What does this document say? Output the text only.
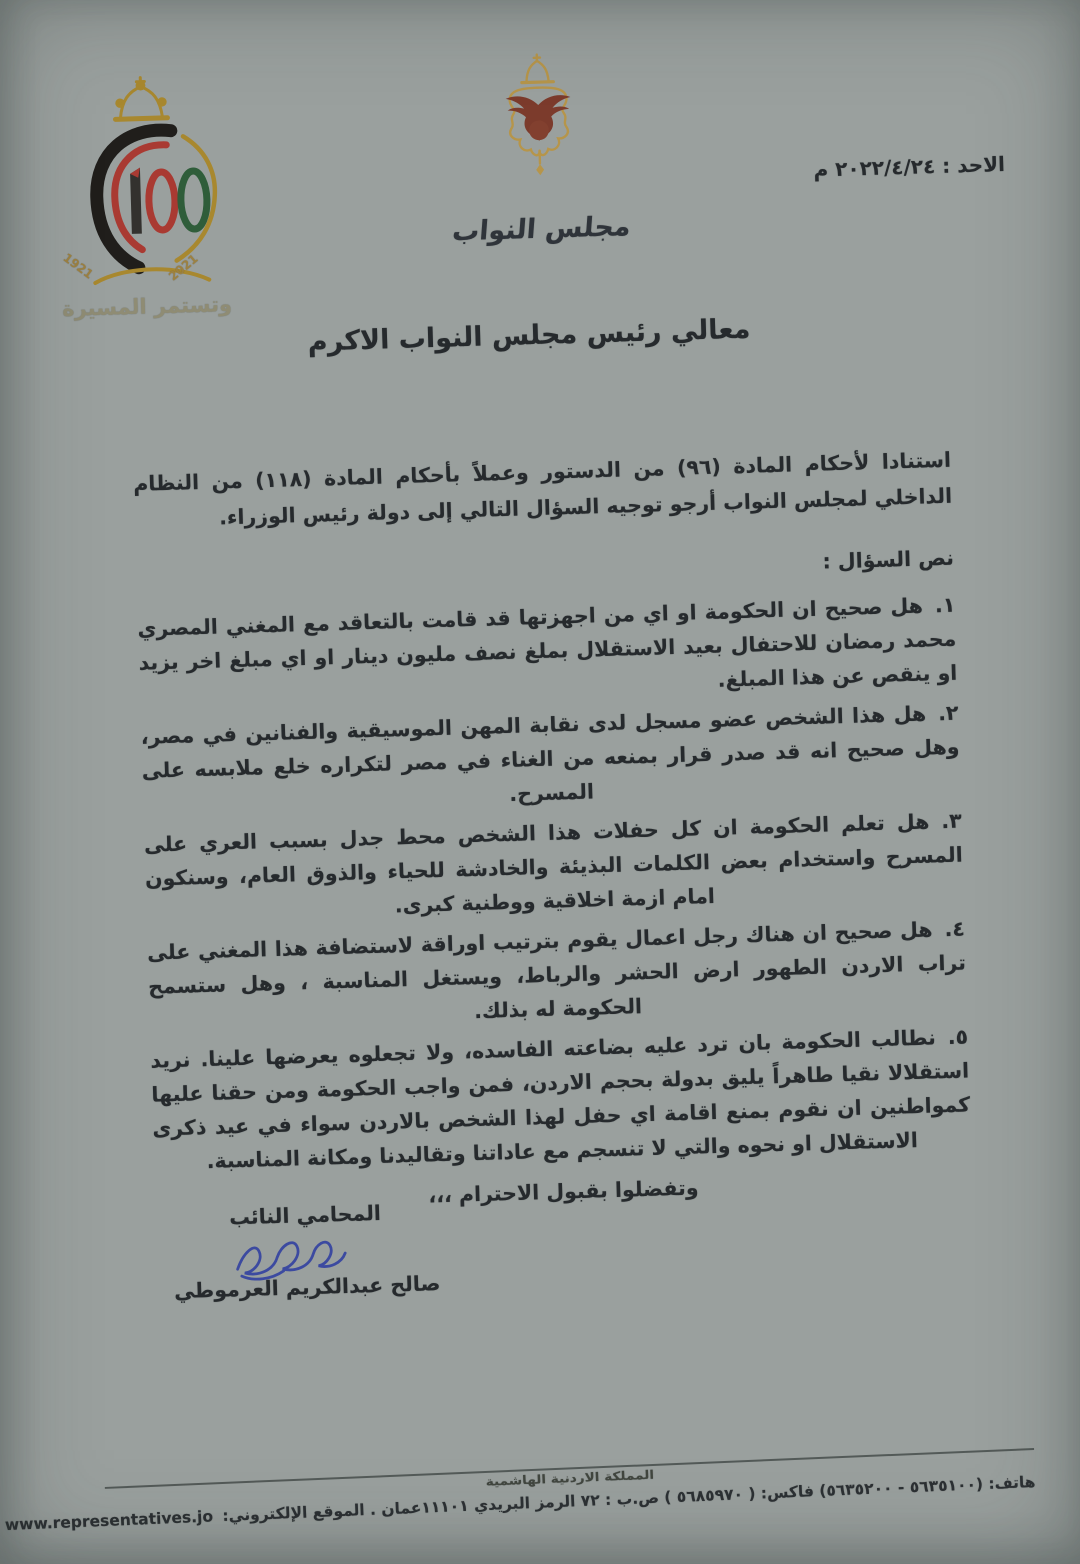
1921	2021
وتستمر المسيرة
مجلس النواب
الاحد : ٢٠٢٢/٤/٢٤ م
معالي رئيس مجلس النواب الاكرم
استنادا لأحكام المادة (٩٦) من الدستور وعملاً بأحكام المادة (١١٨) من النظام الداخلي لمجلس النواب أرجو توجيه السؤال التالي إلى دولة رئيس الوزراء.
نص السؤال :
١.هل صحيح ان الحكومة او اي من اجهزتها قد قامت بالتعاقد مع المغني المصري محمد رمضان للاحتفال بعيد الاستقلال بملغ نصف مليون دينار او اي مبلغ اخر يزيد او ينقص عن هذا المبلغ.
٢.هل هذا الشخص عضو مسجل لدى نقابة المهن الموسيقية والفنانين في مصر، وهل صحيح انه قد صدر قرار بمنعه من الغناء في مصر لتكراره خلع ملابسه على المسرح.
٣.هل تعلم الحكومة ان كل حفلات هذا الشخص محط جدل بسبب العري على المسرح واستخدام بعض الكلمات البذيئة والخادشة للحياء والذوق العام، وسنكون امام ازمة اخلاقية ووطنية كبرى.
٤.هل صحيح ان هناك رجل اعمال يقوم بترتيب اوراقة لاستضافة هذا المغني على تراب الاردن الطهور ارض الحشر والرباط، ويستغل المناسبة ، وهل ستسمح الحكومة له بذلك.
٥.نطالب الحكومة بان ترد عليه بضاعته الفاسده، ولا تجعلوه يعرضها علينا. نريد استقلالا نقيا طاهراً يليق بدولة بحجم الاردن، فمن واجب الحكومة ومن حقنا عليها كمواطنين ان نقوم بمنع اقامة اي حفل لهذا الشخص بالاردن سواء في عيد ذكرى الاستقلال او نحوه والتي لا تنسجم مع عاداتنا وتقاليدنا ومكانة المناسبة.
وتفضلوا بقبول الاحترام ،،،
المحامي النائب
صالح عبدالكريم العرموطي
المملكة الاردنية الهاشمية
هاتف: (٥٦٣٥١٠٠ - ٥٦٣٥٢٠٠) فاكس: ( ٥٦٨٥٩٧٠ ) ص.ب : ٧٢ الرمز البريدي ١١١٠١عمان . الموقع الإلكتروني: www.representatives.jo
